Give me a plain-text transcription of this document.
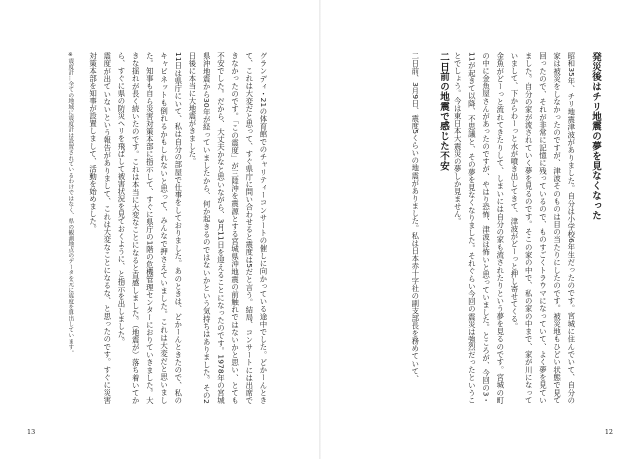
グランディ・21の体育館でのチャリティーコンサートの催しに向かっている途中でした。どかーんときて、これは大変だと思って、すぐ県庁に問い合わせると震度は5だと言う。結局、コンサートには出席できなかったのです。「この震度」が三陸沖を震源とする宮城県沖地震の前触れではないかと思い、とても不安でした。だから、大丈夫かなと思いながら、3月11日を迎えることになったのです。1978年の宮城県沖地震から30年が経っていましたから、何か起きるのではないかという気持ちはありました。その2日後に本当に大地震がきました。

11日は県庁にいて、私は自分の部屋で仕事をしておりました。あのときは、どかーんときたので、私のキャビネットも倒れるかもしれないと思って、みんなで押さえていました。これは大変だと思いました。知事も自ら災害対策本部に指示して、すぐに県庁の1階の危機管理センターにおりていきました。大きな揺れが長く続いたのです。これは本当に大変なことになると直感しました。（地震が）落ち着いてから、すぐに県の防災ヘリを飛ばして被害状況を見ておくように、と指示を出しました。

震度が出ていないという報告がありまして、これは大変なことになるな、と思ったのです。すぐに災害対策本部を知事が設置しまして、活動を始めました。

※震度計…全ての地域に震度計は設置されているわけではなく、県の観測地点のデータを元に震度を算出しています。

13
発災後はチリ地震の夢を見なくなった

昭和35年、チリ地震津波がありました。自分は小学校6年生だったのです。宮城に住んでいて、自分の家は被災をしなかったのですが、津波そのものは目の当たりにしたのです。被災地もひどい状態で見て回ったので、それが非常に記憶に残っているので、ものすごくトラウマになっていて、よく夢を見ていました。自分の家が流されていく夢を見るのです。そこの家の中で、私の家の中まで、家が川になっていまして、下からわーっと水が噴き出してきて、津波がどーっと押し寄せてくる。

金魚がどーっと流れてきたりして、しまいには自分の家も流されたりという夢を見るのです。宮城の町の中に金魚屋さんがあったのですが、やはり恐怖、津波は怖いと思っていました。ところが、今回の3・11が起きて以降、不思議と、その夢を見なくなりました。それぐらい今回の震災は強烈だったということでしょう。今は東日本大震災の夢しか見ません。

二日前の地震で感じた不安

二日前、3月9日、震度5くらいの地震がありました。私は日本赤十字社の副支部長を務めていて、

12
